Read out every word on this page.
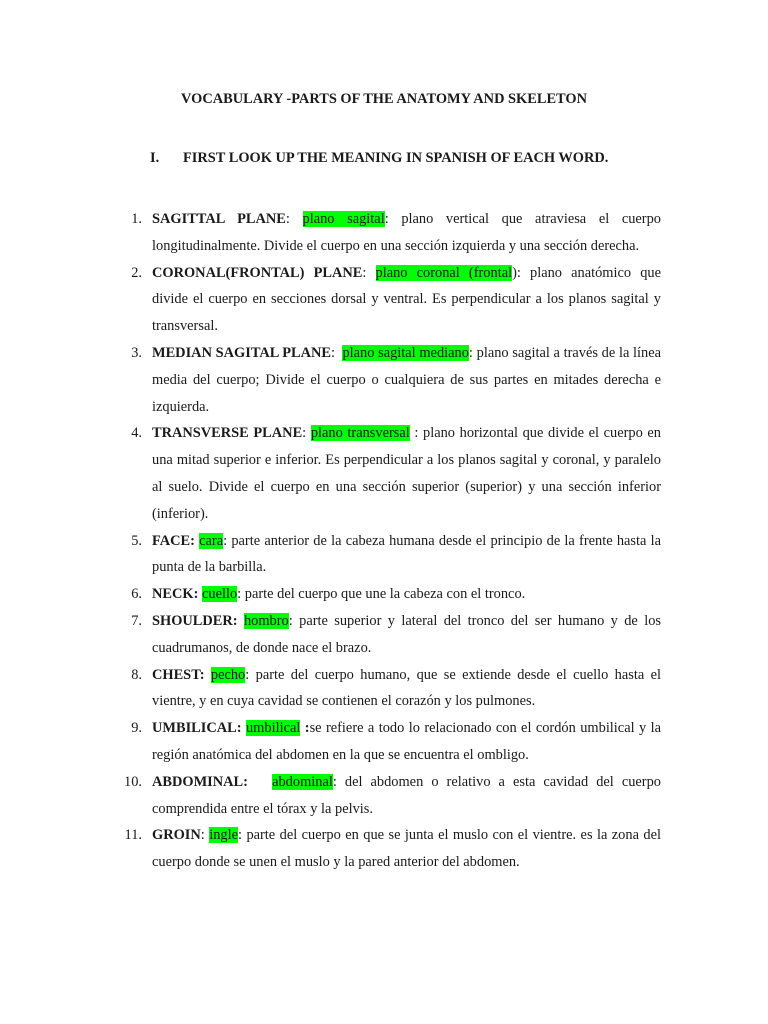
VOCABULARY -PARTS OF THE ANATOMY AND SKELETON
I. FIRST LOOK UP THE MEANING IN SPANISH OF EACH WORD.
1. SAGITTAL PLANE: plano sagital: plano vertical que atraviesa el cuerpo longitudinalmente. Divide el cuerpo en una sección izquierda y una sección derecha.
2. CORONAL(FRONTAL) PLANE: plano coronal (frontal): plano anatómico que divide el cuerpo en secciones dorsal y ventral. Es perpendicular a los planos sagital y transversal.
3. MEDIAN SAGITAL PLANE:  plano sagital mediano: plano sagital a través de la línea media del cuerpo; Divide el cuerpo o cualquiera de sus partes en mitades derecha e izquierda.
4. TRANSVERSE PLANE: plano transversal : plano horizontal que divide el cuerpo en una mitad superior e inferior. Es perpendicular a los planos sagital y coronal, y paralelo al suelo. Divide el cuerpo en una sección superior (superior) y una sección inferior (inferior).
5. FACE: cara: parte anterior de la cabeza humana desde el principio de la frente hasta la punta de la barbilla.
6. NECK: cuello: parte del cuerpo que une la cabeza con el tronco.
7. SHOULDER: hombro: parte superior y lateral del tronco del ser humano y de los cuadrumanos, de donde nace el brazo.
8. CHEST: pecho: parte del cuerpo humano, que se extiende desde el cuello hasta el vientre, y en cuya cavidad se contienen el corazón y los pulmones.
9. UMBILICAL: umbilical :se refiere a todo lo relacionado con el cordón umbilical y la región anatómica del abdomen en la que se encuentra el ombligo.
10. ABDOMINAL: abdominal: del abdomen o relativo a esta cavidad del cuerpo comprendida entre el tórax y la pelvis.
11. GROIN: ingle: parte del cuerpo en que se junta el muslo con el vientre. es la zona del cuerpo donde se unen el muslo y la pared anterior del abdomen.
